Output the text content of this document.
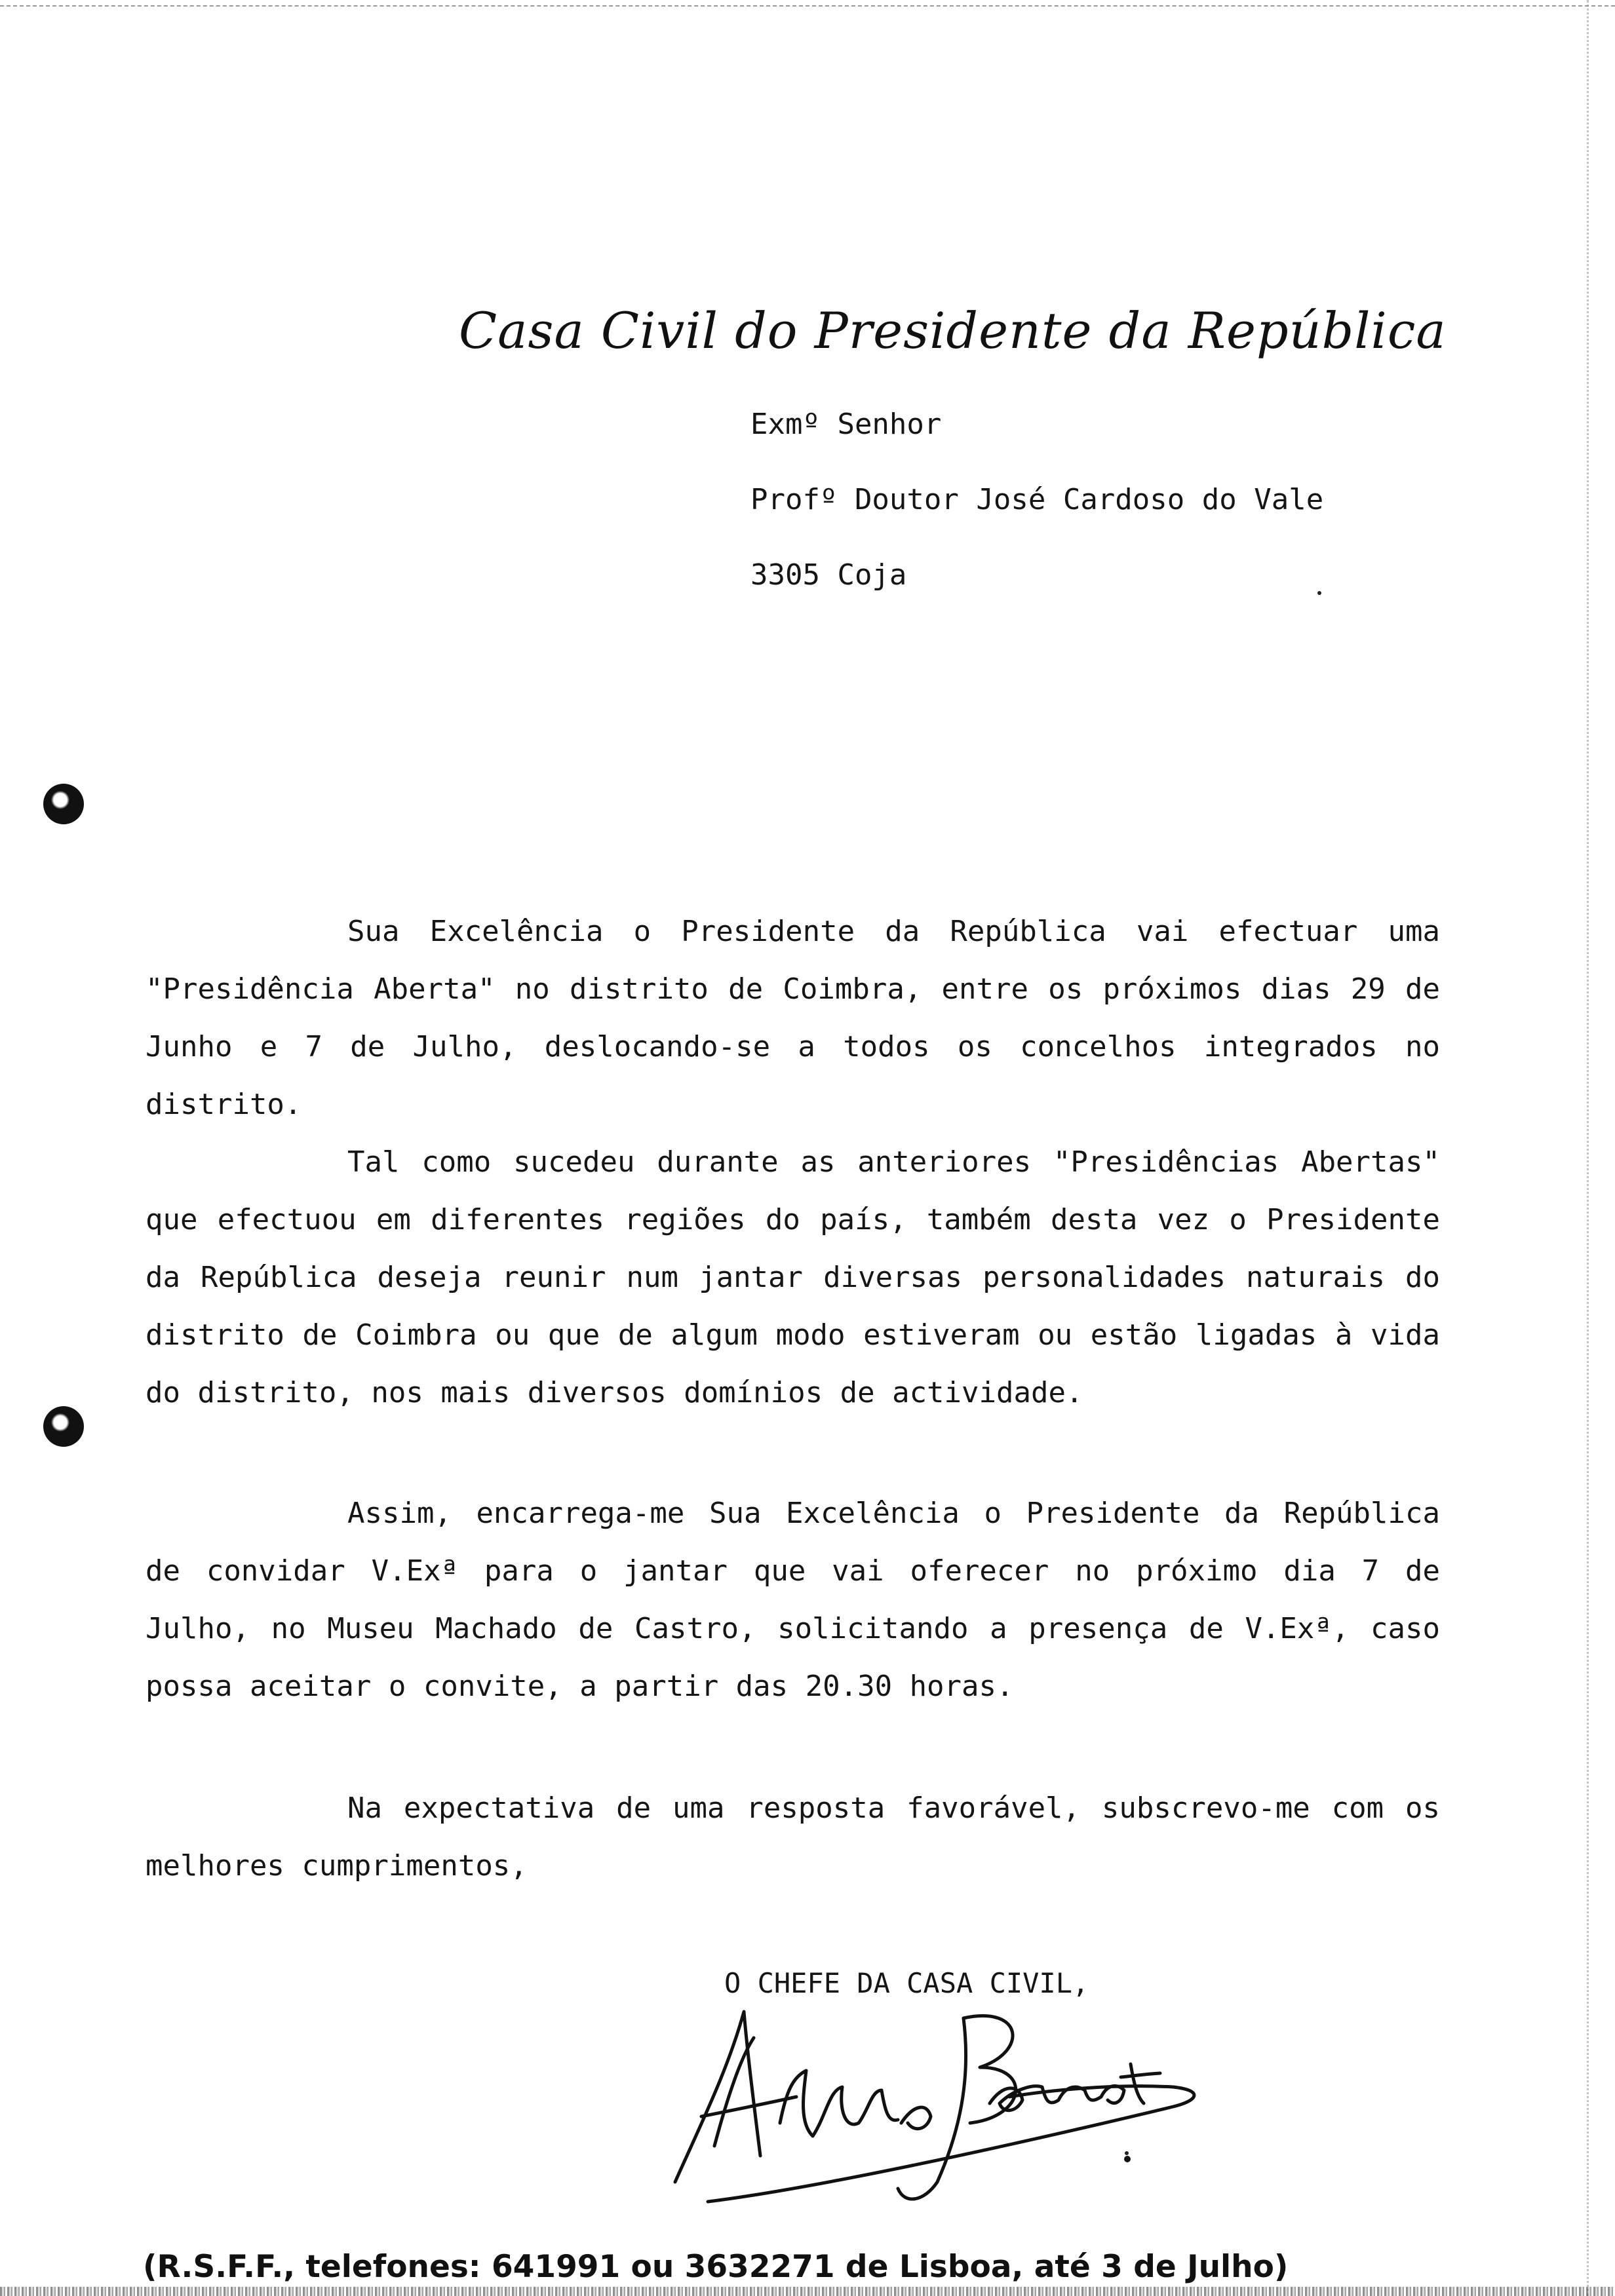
Casa Civil do Presidente da República
Exmº Senhor
Profº Doutor José Cardoso do Vale
3305 Coja
Sua Excelência o Presidente da República vai efectuar uma "Presidência Aberta" no distrito de Coimbra, entre os próximos dias 29 de Junho e 7 de Julho, deslocando-se a todos os concelhos integrados no distrito.
Tal como sucedeu durante as anteriores "Presidências Abertas" que efectuou em diferentes regiões do país, também desta vez o Presidente da República deseja reunir num jantar diversas personalidades naturais do distrito de Coimbra ou que de algum modo estiveram ou estão ligadas à vida do distrito, nos mais diversos domínios de actividade.
Assim, encarrega-me Sua Excelência o Presidente da República de convidar V.Exª para o jantar que vai oferecer no próximo dia 7 de Julho, no Museu Machado de Castro, solicitando a presença de V.Exª, caso possa aceitar o convite, a partir das 20.30 horas.
Na expectativa de uma resposta favorável, subscrevo-me com os melhores cumprimentos,
O CHEFE DA CASA CIVIL,
(R.S.F.F., telefones: 641991 ou 3632271 de Lisboa, até 3 de Julho)
